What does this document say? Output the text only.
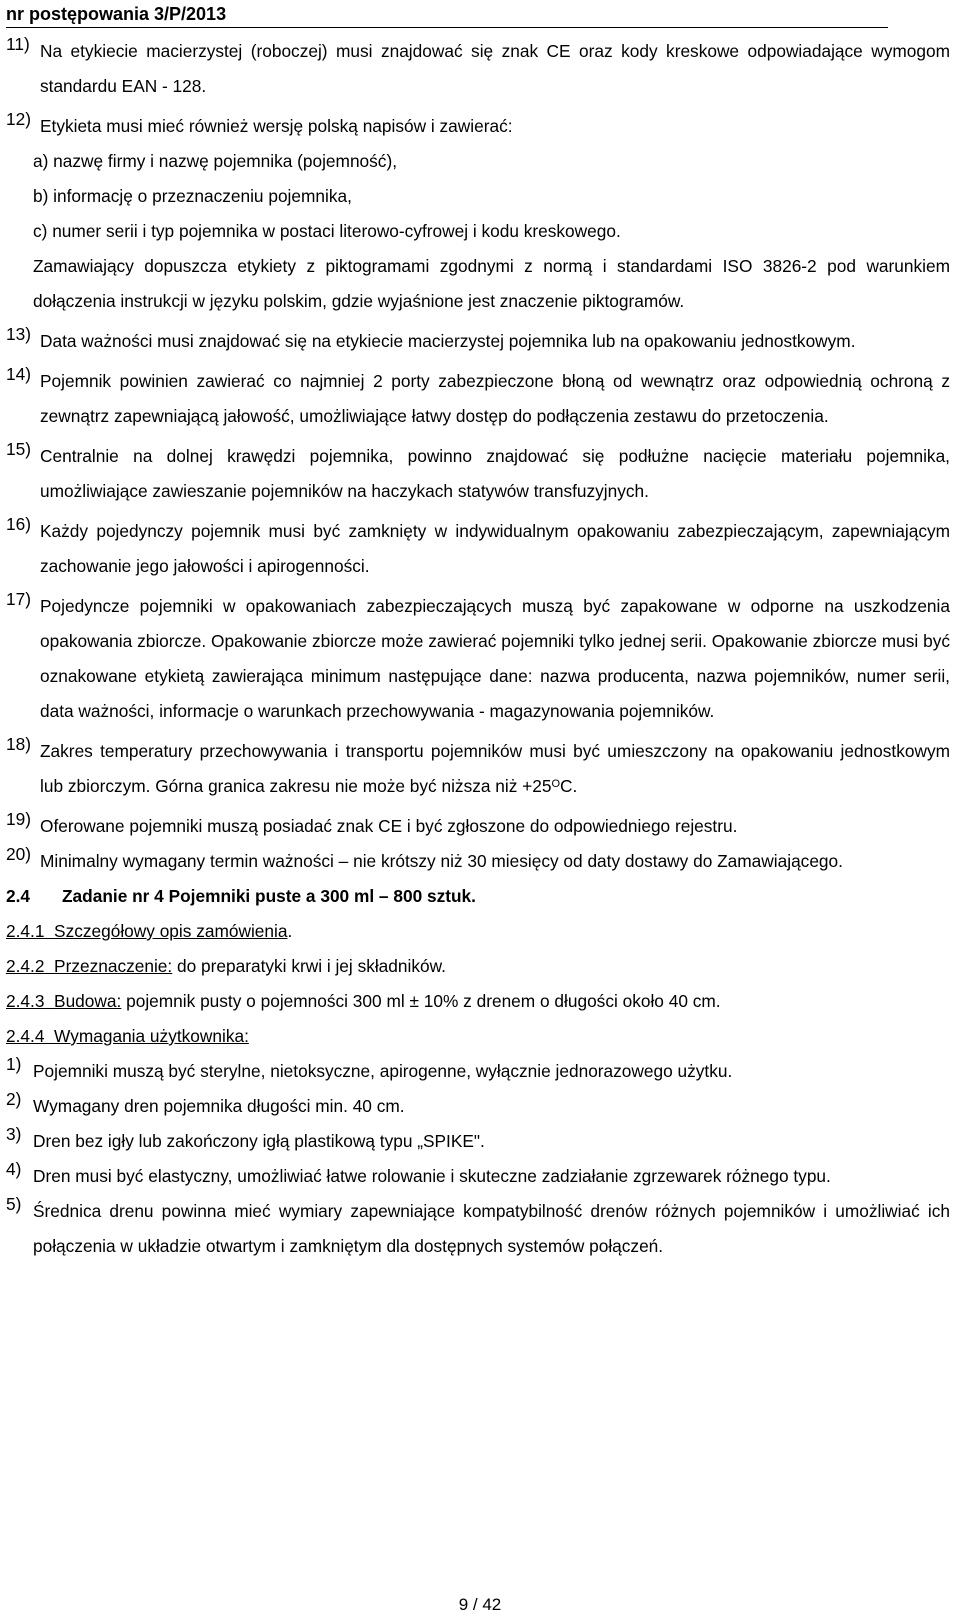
nr postępowania 3/P/2013
11) Na etykiecie macierzystej (roboczej) musi znajdować się znak CE oraz kody kreskowe odpowiadające wymogom standardu EAN - 128.
12) Etykieta musi mieć również wersję polską napisów i zawierać:
a) nazwę firmy i nazwę pojemnika (pojemność),
b) informację o przeznaczeniu pojemnika,
c) numer serii i typ pojemnika w postaci literowo-cyfrowej i kodu kreskowego.
Zamawiający dopuszcza etykiety z piktogramami zgodnymi z normą i standardami ISO 3826-2 pod warunkiem dołączenia instrukcji w języku polskim, gdzie wyjaśnione jest znaczenie piktogramów.
13) Data ważności musi znajdować się na etykiecie macierzystej pojemnika lub na opakowaniu jednostkowym.
14) Pojemnik powinien zawierać co najmniej 2 porty zabezpieczone błoną od wewnątrz oraz odpowiednią ochroną z zewnątrz zapewniającą jałowość, umożliwiające łatwy dostęp do podłączenia zestawu do przetoczenia.
15) Centralnie na dolnej krawędzi pojemnika, powinno znajdować się podłużne nacięcie materiału pojemnika, umożliwiające zawieszanie pojemników na haczykach statywów transfuzyjnych.
16) Każdy pojedynczy pojemnik musi być zamknięty w indywidualnym opakowaniu zabezpieczającym, zapewniającym zachowanie jego jałowości i apirogenności.
17) Pojedyncze pojemniki w opakowaniach zabezpieczających muszą być zapakowane w odporne na uszkodzenia opakowania zbiorcze. Opakowanie zbiorcze może zawierać pojemniki tylko jednej serii. Opakowanie zbiorcze musi być oznakowane etykietą zawierająca minimum następujące dane: nazwa producenta, nazwa pojemników, numer serii, data ważności, informacje o warunkach przechowywania - magazynowania pojemników.
18) Zakres temperatury przechowywania i transportu pojemników musi być umieszczony na opakowaniu jednostkowym lub zbiorczym. Górna granica zakresu nie może być niższa niż $+25^OC$.
19) Oferowane pojemniki muszą posiadać znak CE i być zgłoszone do odpowiedniego rejestru.
20) Minimalny wymagany termin ważności – nie krótszy niż 30 miesięcy od daty dostawy do Zamawiającego.
2.4	Zadanie nr 4 Pojemniki puste a 300 ml – 800 sztuk.
2.4.1 Szczegółowy opis zamówienia.
2.4.2 Przeznaczenie: do preparatyki krwi i jej składników.
2.4.3 Budowa: pojemnik pusty o pojemności 300 ml ± 10% z drenem o długości około 40 cm.
2.4.4 Wymagania użytkownika:
1) Pojemniki muszą być sterylne, nietoksyczne, apirogenne, wyłącznie jednorazowego użytku.
2) Wymagany dren pojemnika długości min. 40 cm.
3) Dren bez igły lub zakończony igłą plastikową typu „SPIKE".
4) Dren musi być elastyczny, umożliwiać łatwe rolowanie i skuteczne zadziałanie zgrzewarek różnego typu.
5) Średnica drenu powinna mieć wymiary zapewniające kompatybilność drenów różnych pojemników i umożliwiać ich połączenia w układzie otwartym i zamkniętym dla dostępnych systemów połączeń.
9 / 42
